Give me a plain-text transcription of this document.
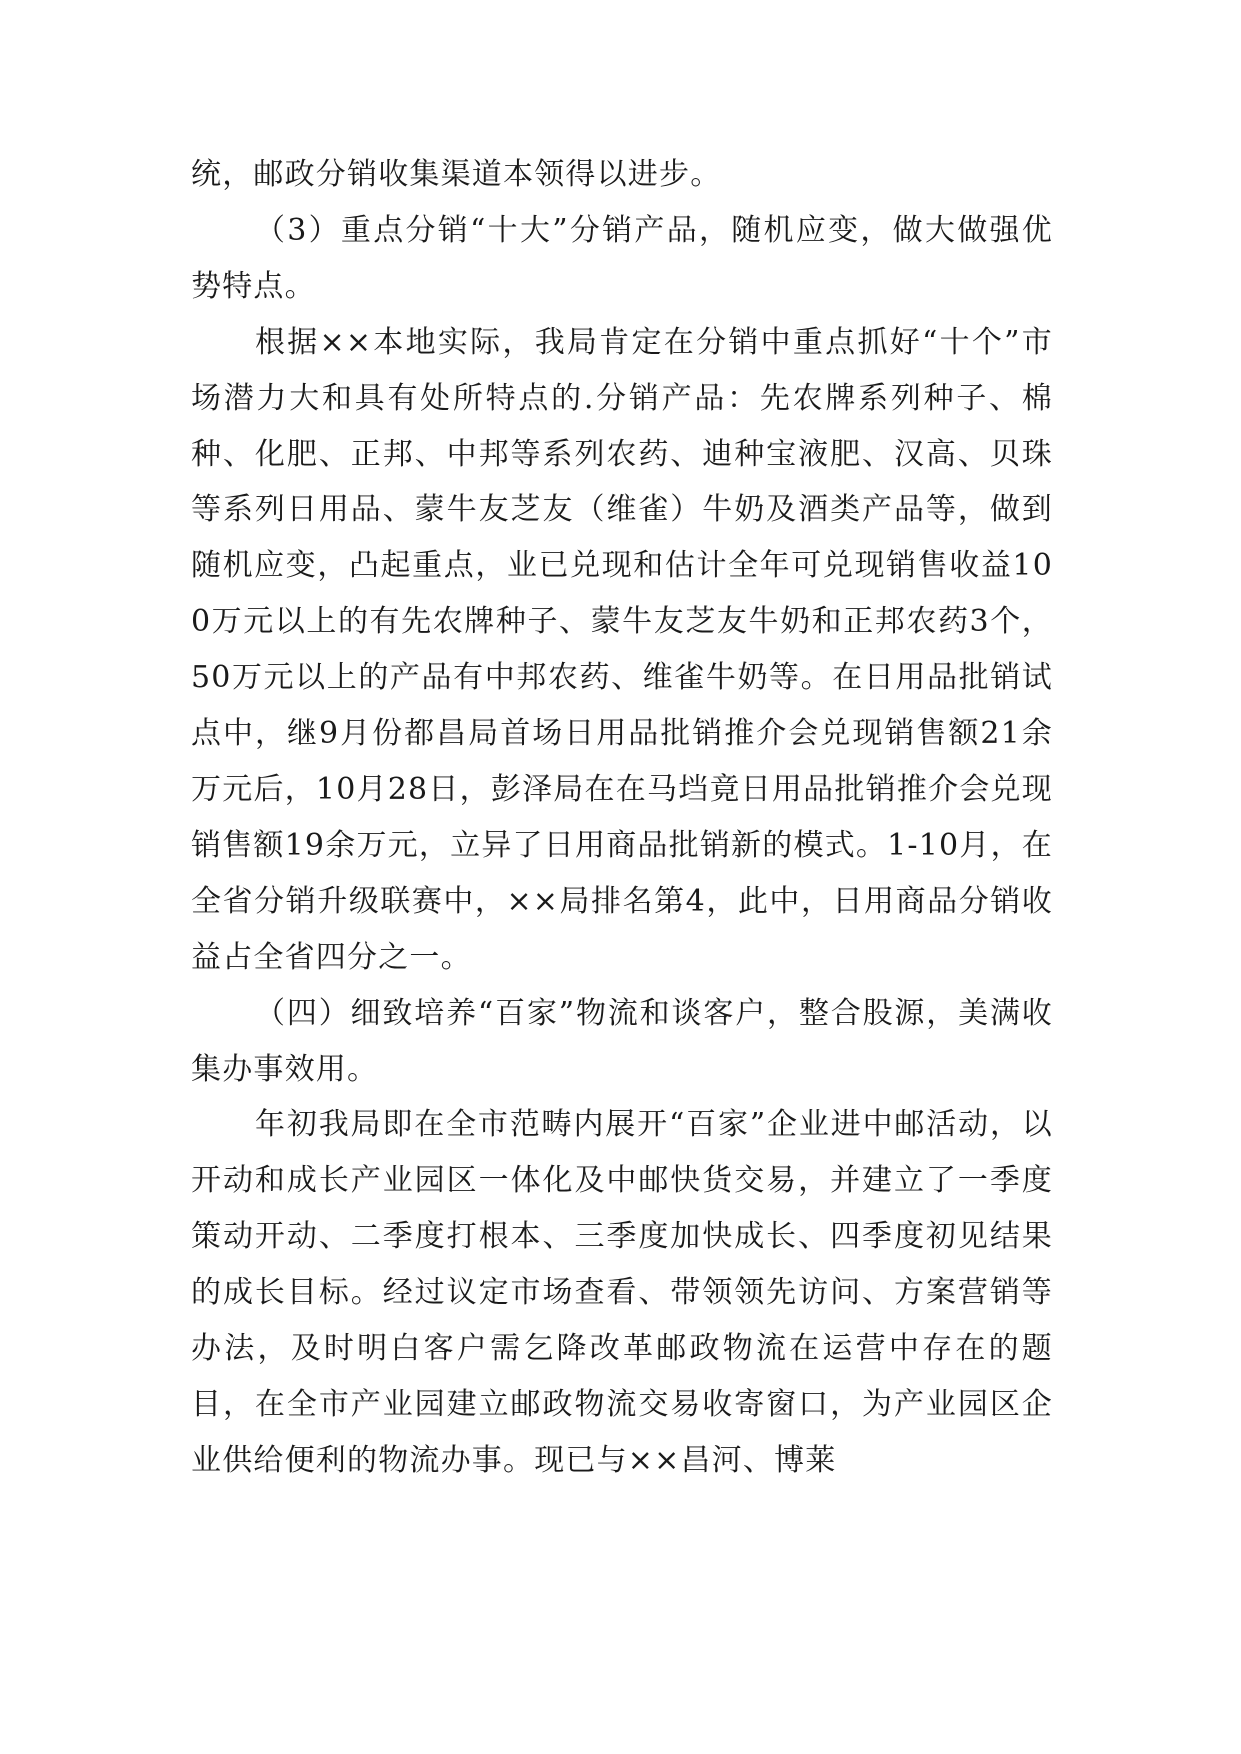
统，邮政分销收集渠道本领得以进步。

（3）重点分销“十大”分销产品，随机应变，做大做强优势特点。

根据××本地实际，我局肯定在分销中重点抓好“十个”市场潜力大和具有处所特点的.分销产品：先农牌系列种子、棉种、化肥、正邦、中邦等系列农药、迪种宝液肥、汉高、贝珠等系列日用品、蒙牛友芝友（维雀）牛奶及酒类产品等，做到随机应变，凸起重点，业已兑现和估计全年可兑现销售收益100万元以上的有先农牌种子、蒙牛友芝友牛奶和正邦农药3个，50万元以上的产品有中邦农药、维雀牛奶等。在日用品批销试点中，继9月份都昌局首场日用品批销推介会兑现销售额21余万元后，10月28日，彭泽局在在马垱竟日用品批销推介会兑现销售额19余万元，立异了日用商品批销新的模式。1-10月，在全省分销升级联赛中，××局排名第4，此中，日用商品分销收益占全省四分之一。

（四）细致培养“百家”物流和谈客户，整合股源，美满收集办事效用。

年初我局即在全市范畴内展开“百家”企业进中邮活动，以开动和成长产业园区一体化及中邮快货交易，并建立了一季度策动开动、二季度打根本、三季度加快成长、四季度初见结果的成长目标。经过议定市场查看、带领领先访问、方案营销等办法，及时明白客户需乞降改革邮政物流在运营中存在的题目，在全市产业园建立邮政物流交易收寄窗口，为产业园区企业供给便利的物流办事。现已与××昌河、博莱
